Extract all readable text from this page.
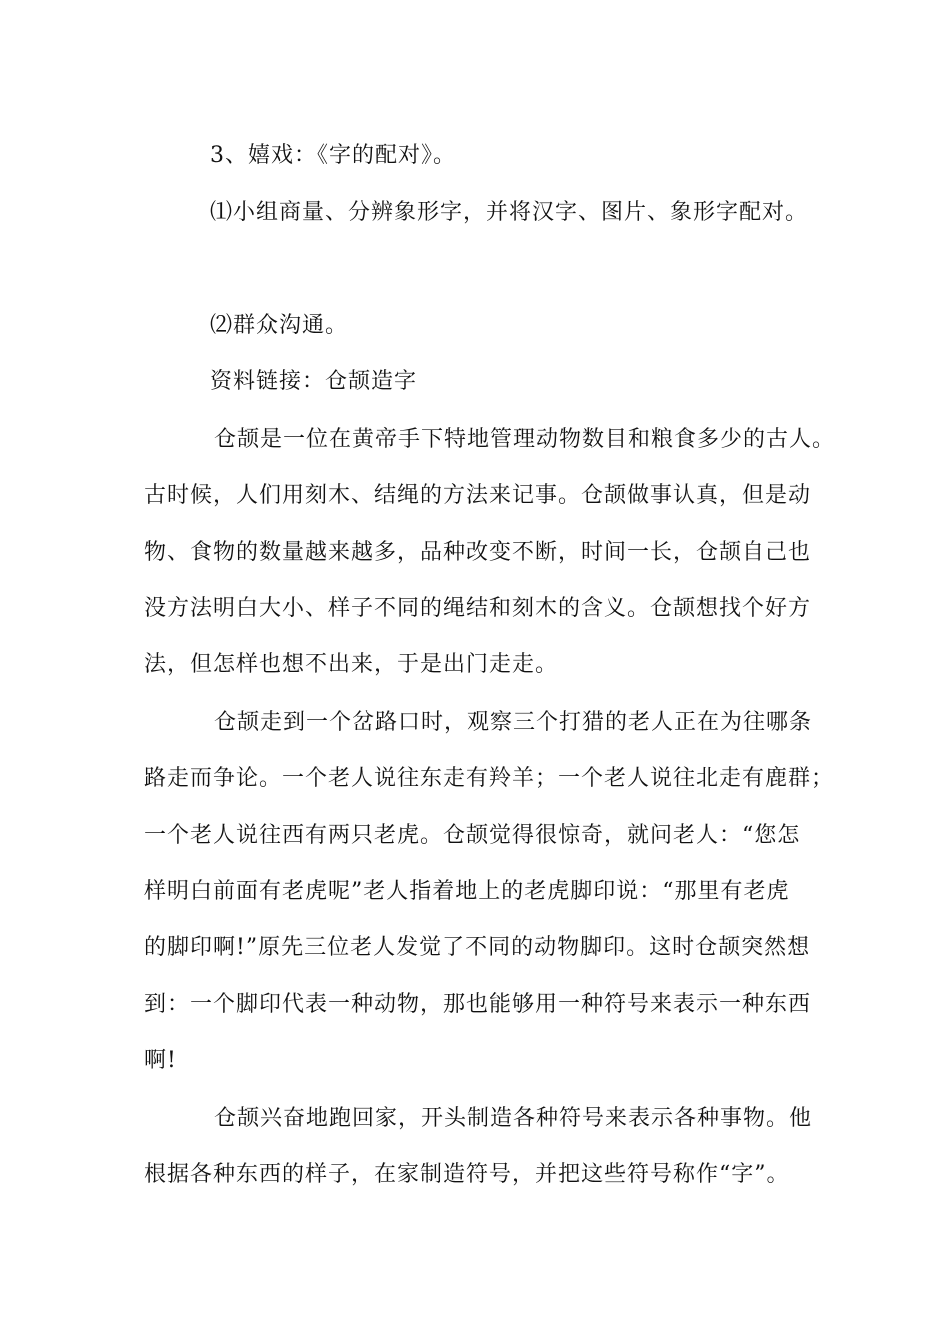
3、嬉戏：《字的配对》。
⑴小组商量、分辨象形字，并将汉字、图片、象形字配对。
⑵群众沟通。
资料链接：仓颉造字
仓颉是一位在黄帝手下特地管理动物数目和粮食多少的古人。
古时候，人们用刻木、结绳的方法来记事。仓颉做事认真，但是动
物、食物的数量越来越多，品种改变不断，时间一长，仓颉自己也
没方法明白大小、样子不同的绳结和刻木的含义。仓颉想找个好方
法，但怎样也想不出来，于是出门走走。
仓颉走到一个岔路口时，观察三个打猎的老人正在为往哪条
路走而争论。一个老人说往东走有羚羊；一个老人说往北走有鹿群；
一个老人说往西有两只老虎。仓颉觉得很惊奇，就问老人：“您怎
样明白前面有老虎呢”老人指着地上的老虎脚印说：“那里有老虎
的脚印啊!”原先三位老人发觉了不同的动物脚印。这时仓颉突然想
到：一个脚印代表一种动物，那也能够用一种符号来表示一种东西
啊!
仓颉兴奋地跑回家，开头制造各种符号来表示各种事物。他
根据各种东西的样子，在家制造符号，并把这些符号称作“字”。
